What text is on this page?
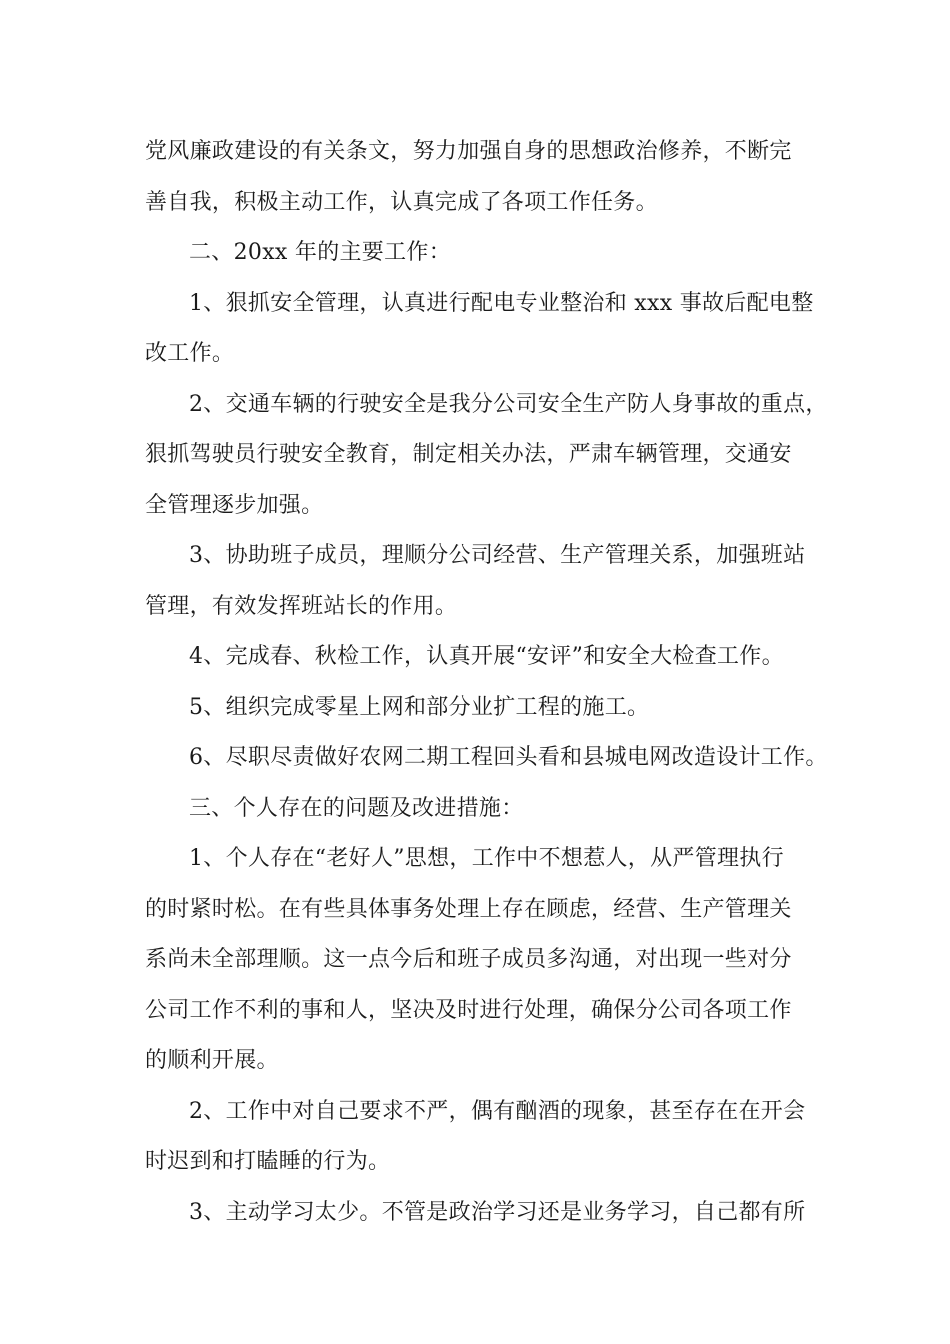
党风廉政建设的有关条文，努力加强自身的思想政治修养，不断完
善自我，积极主动工作，认真完成了各项工作任务。
二、20xx 年的主要工作：
1、狠抓安全管理，认真进行配电专业整治和 xxx 事故后配电整
改工作。
2、交通车辆的行驶安全是我分公司安全生产防人身事故的重点，
狠抓驾驶员行驶安全教育，制定相关办法，严肃车辆管理，交通安
全管理逐步加强。
3、协助班子成员，理顺分公司经营、生产管理关系，加强班站
管理，有效发挥班站长的作用。
4、完成春、秋检工作，认真开展“安评”和安全大检查工作。
5、组织完成零星上网和部分业扩工程的施工。
6、尽职尽责做好农网二期工程回头看和县城电网改造设计工作。
三、个人存在的问题及改进措施：
1、个人存在“老好人”思想，工作中不想惹人，从严管理执行
的时紧时松。在有些具体事务处理上存在顾虑，经营、生产管理关
系尚未全部理顺。这一点今后和班子成员多沟通，对出现一些对分
公司工作不利的事和人，坚决及时进行处理，确保分公司各项工作
的顺利开展。
2、工作中对自己要求不严，偶有酗酒的现象，甚至存在在开会
时迟到和打瞌睡的行为。
3、主动学习太少。不管是政治学习还是业务学习，自己都有所
